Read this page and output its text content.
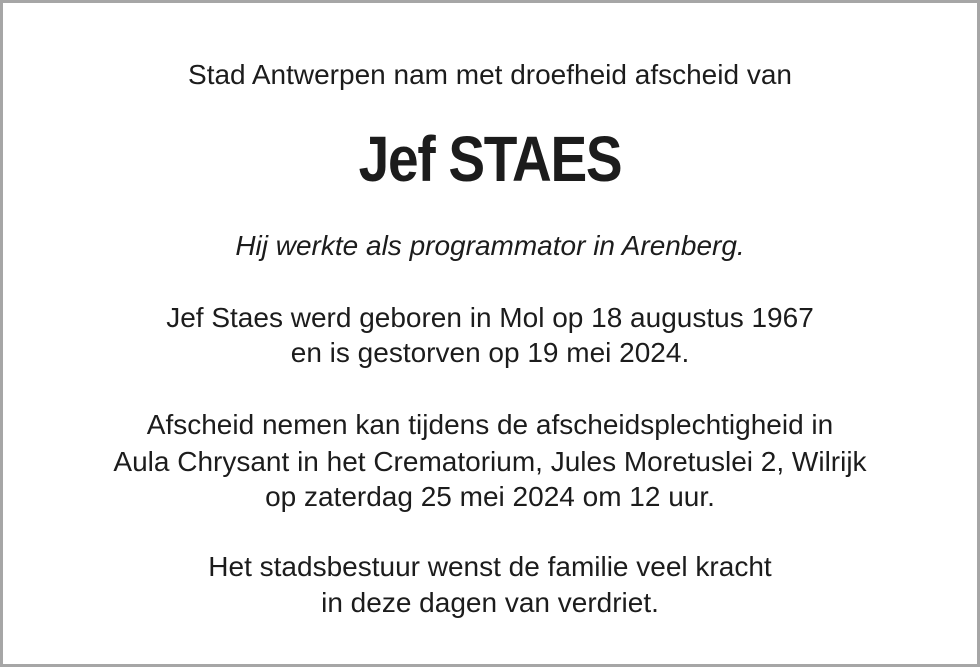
Stad Antwerpen nam met droefheid afscheid van
Jef STAES
Hij werkte als programmator in Arenberg.
Jef Staes werd geboren in Mol op 18 augustus 1967
en is gestorven op 19 mei 2024.
Afscheid nemen kan tijdens de afscheidsplechtigheid in
Aula Chrysant in het Crematorium, Jules Moretuslei 2, Wilrijk
op zaterdag 25 mei 2024 om 12 uur.
Het stadsbestuur wenst de familie veel kracht
in deze dagen van verdriet.
